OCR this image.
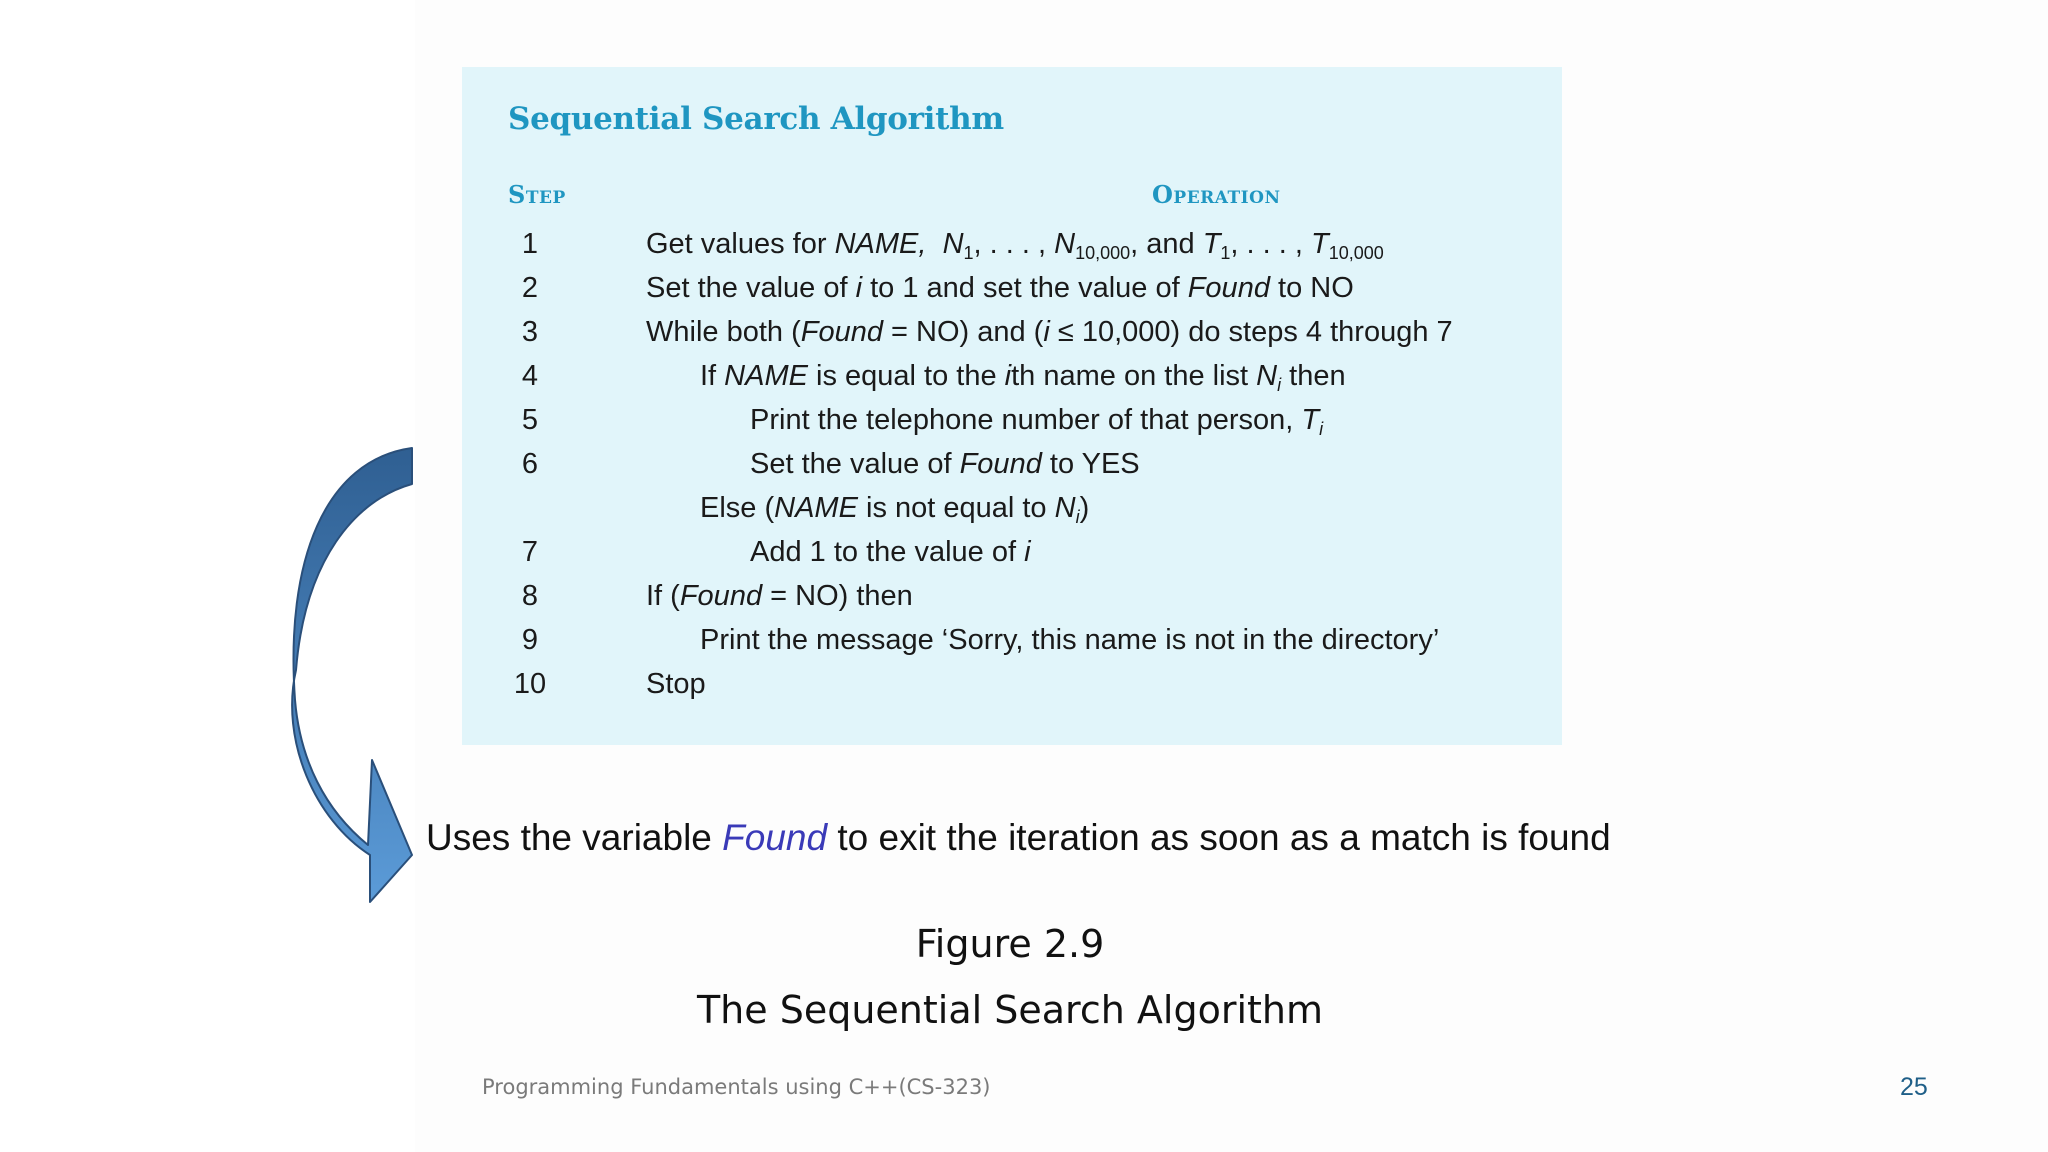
Sequential Search Algorithm
Step	Operation
1	Get values for NAME, $N_1$, . . . , $N_{10,000}$, and $T_1$, . . . , $T_{10,000}$
2	Set the value of i to 1 and set the value of Found to NO
3	While both (Found = NO) and (i ≤ 10,000) do steps 4 through 7
4	If NAME is equal to the ith name on the list $N_i$ then
5	Print the telephone number of that person, $T_i$
6	Set the value of Found to YES
Else (NAME is not equal to $N_i$)
7	Add 1 to the value of i
8	If (Found = NO) then
9	Print the message ‘Sorry, this name is not in the directory’
10	Stop
Uses the variable Found to exit the iteration as soon as a match is found
Figure 2.9
The Sequential Search Algorithm
Programming Fundamentals using C++(CS-323)	25
